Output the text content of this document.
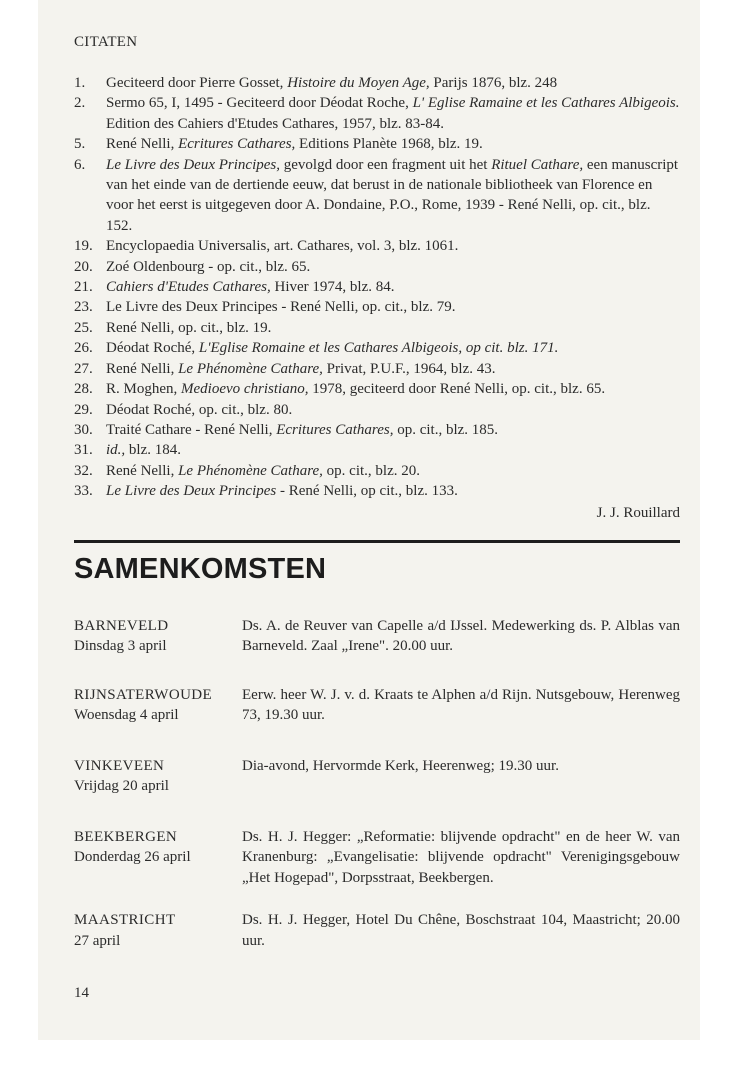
CITATEN
1. Geciteerd door Pierre Gosset, Histoire du Moyen Age, Parijs 1876, blz. 248
2. Sermo 65, I, 1495 - Geciteerd door Déodat Roche, L' Eglise Ramaine et les Cathares Albigeois. Edition des Cahiers d'Etudes Cathares, 1957, blz. 83-84.
5. René Nelli, Ecritures Cathares, Editions Planète 1968, blz. 19.
6. Le Livre des Deux Principes, gevolgd door een fragment uit het Rituel Cathare, een manuscript van het einde van de dertiende eeuw, dat berust in de nationale bibliotheek van Florence en voor het eerst is uitgegeven door A. Dondaine, P.O., Rome, 1939 - René Nelli, op. cit., blz. 152.
19. Encyclopaedia Universalis, art. Cathares, vol. 3, blz. 1061.
20. Zoé Oldenbourg - op. cit., blz. 65.
21. Cahiers d'Etudes Cathares, Hiver 1974, blz. 84.
23. Le Livre des Deux Principes - René Nelli, op. cit., blz. 79.
25. René Nelli, op. cit., blz. 19.
26. Déodat Roché, L'Eglise Romaine et les Cathares Albigeois, op cit. blz. 171.
27. René Nelli, Le Phénomène Cathare, Privat, P.U.F., 1964, blz. 43.
28. R. Moghen, Medioevo christiano, 1978, geciteerd door René Nelli, op. cit., blz. 65.
29. Déodat Roché, op. cit., blz. 80.
30. Traité Cathare - René Nelli, Ecritures Cathares, op. cit., blz. 185.
31. id., blz. 184.
32. René Nelli, Le Phénomène Cathare, op. cit., blz. 20.
33. Le Livre des Deux Principes - René Nelli, op cit., blz. 133.
J. J. Rouillard
SAMENKOMSTEN
BARNEVELD
Dinsdag 3 april
Ds. A. de Reuver van Capelle a/d IJssel. Medewerking ds. P. Alblas van Barneveld. Zaal „Irene". 20.00 uur.
RIJNSATERWOUDE
Woensdag 4 april
Eerw. heer W. J. v. d. Kraats te Alphen a/d Rijn. Nutsgebouw, Herenweg 73, 19.30 uur.
VINKEVEEN
Vrijdag 20 april
Dia-avond, Hervormde Kerk, Heerenweg; 19.30 uur.
BEEKBERGEN
Donderdag 26 april
Ds. H. J. Hegger: „Reformatie: blijvende opdracht" en de heer W. van Kranenburg: „Evangelisatie: blijvende opdracht" Verenigingsgebouw „Het Hogepad", Dorpsstraat, Beekbergen.
MAASTRICHT
27 april
Ds. H. J. Hegger, Hotel Du Chêne, Boschstraat 104, Maastricht; 20.00 uur.
14
